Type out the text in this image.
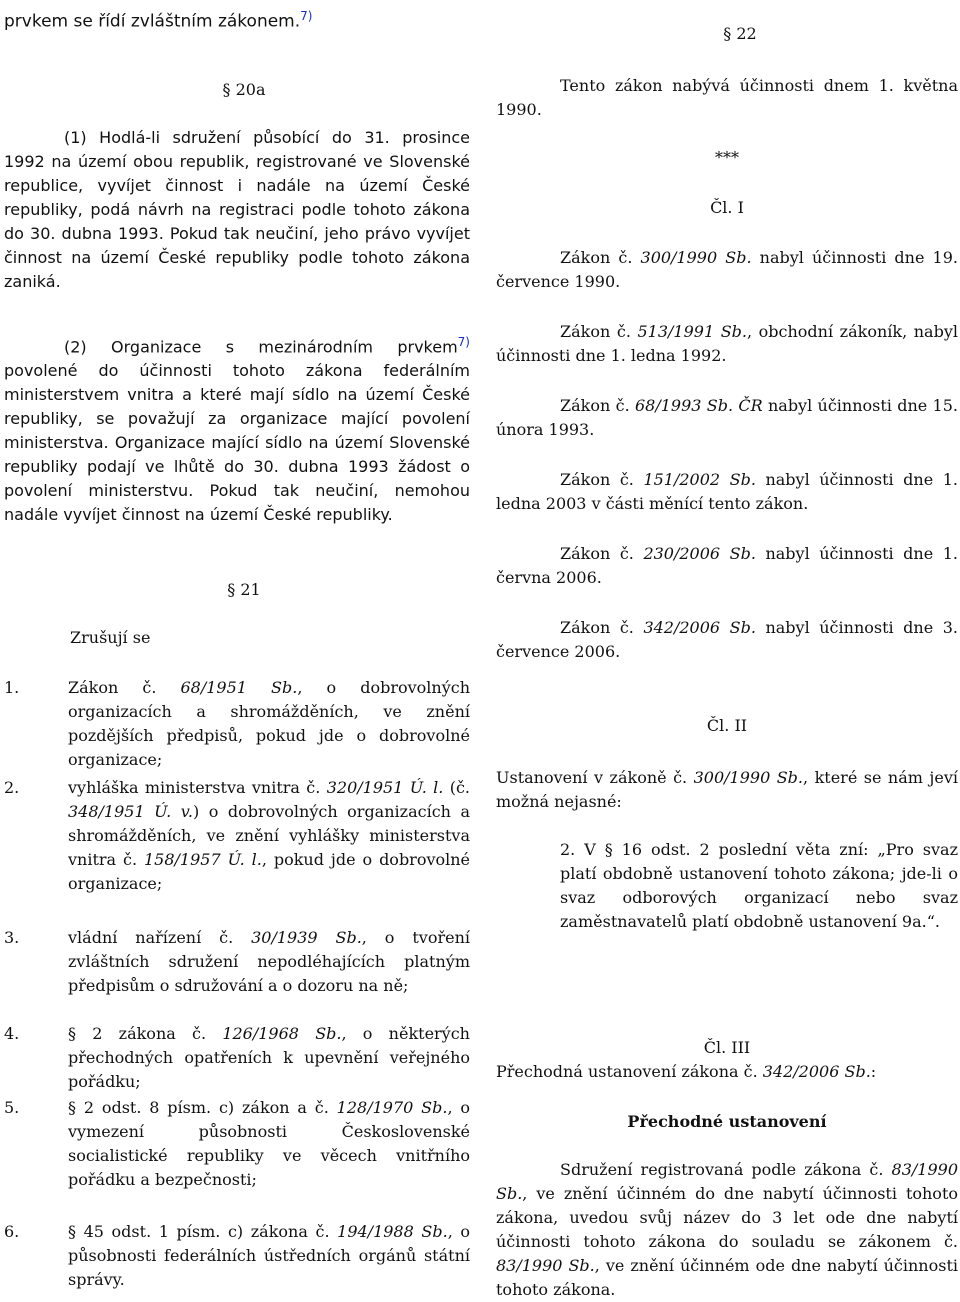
prvkem se řídí zvláštním zákonem.$^{7)}$

§ 20a

(1) Hodlá-li sdružení působící do 31. prosince 1992 na území obou republik, registrované ve Slovenské republice, vyvíjet činnost i nadále na území České republiky, podá návrh na registraci podle tohoto zákona do 30. dubna 1993. Pokud tak neučiní, jeho právo vyvíjet činnost na území České republiky podle tohoto zákona zaniká.

(2) Organizace s mezinárodním prvkem$^{7)}$ povolené do účinnosti tohoto zákona federálním ministerstvem vnitra a které mají sídlo na území České republiky, se považují za organizace mající povolení ministerstva. Organizace mající sídlo na území Slovenské republiky podají ve lhůtě do 30. dubna 1993 žádost o povolení ministerstvu. Pokud tak neučiní, nemohou nadále vyvíjet činnost na území České republiky.

§ 21
Zrušují se
1.	Zákon č. 68/1951 Sb., o dobrovolných organizacích a shromážděních, ve znění pozdějších předpisů, pokud jde o dobrovolné organizace;
2.	vyhláška ministerstva vnitra č. 320/1951 Ú. l. (č. 348/1951 Ú. v.) o dobrovolných organizacích a shromážděních, ve znění vyhlášky ministerstva vnitra č. 158/1957 Ú. l., pokud jde o dobrovolné organizace;
3.	vládní nařízení č. 30/1939 Sb., o tvoření zvláštních sdružení nepodléhajících platným předpisům o sdružování a o dozoru na ně;
4.	§ 2 zákona č. 126/1968 Sb., o některých přechodných opatřeních k upevnění veřejného pořádku;
5.	§ 2 odst. 8 písm. c) zákon a č. 128/1970 Sb., o vymezení působnosti Československé socialistické republiky ve věcech vnitřního pořádku a bezpečnosti;
6.	§ 45 odst. 1 písm. c) zákona č. 194/1988 Sb., o působnosti federálních ústředních orgánů státní správy.
§ 22

Tento zákon nabývá účinnosti dnem 1. května 1990.

***
Čl. I

Zákon č. 300/1990 Sb. nabyl účinnosti dne 19. července 1990.

Zákon č. 513/1991 Sb., obchodní zákoník, nabyl účinnosti dne 1. ledna 1992.

Zákon č. 68/1993 Sb. ČR nabyl účinnosti dne 15. února 1993.

Zákon č. 151/2002 Sb. nabyl účinnosti dne 1. ledna 2003 v části měnící tento zákon.

Zákon č. 230/2006 Sb. nabyl účinnosti dne 1. června 2006.

Zákon č. 342/2006 Sb. nabyl účinnosti dne 3. července 2006.

Čl. II

Ustanovení v zákoně č. 300/1990 Sb., které se nám jeví možná nejasné:

2. V § 16 odst. 2 poslední věta zní: „Pro svaz platí obdobně ustanovení tohoto zákona; jde-li o svaz odborových organizací nebo svaz zaměstnavatelů platí obdobně ustanovení 9a.“.

Čl. III

Přechodná ustanovení zákona č. 342/2006 Sb.:

Přechodné ustanovení

Sdružení registrovaná podle zákona č. 83/1990 Sb., ve znění účinném do dne nabytí účinnosti tohoto zákona, uvedou svůj název do 3 let ode dne nabytí účinnosti tohoto zákona do souladu se zákonem č. 83/1990 Sb., ve znění účinném ode dne nabytí účinnosti tohoto zákona.
